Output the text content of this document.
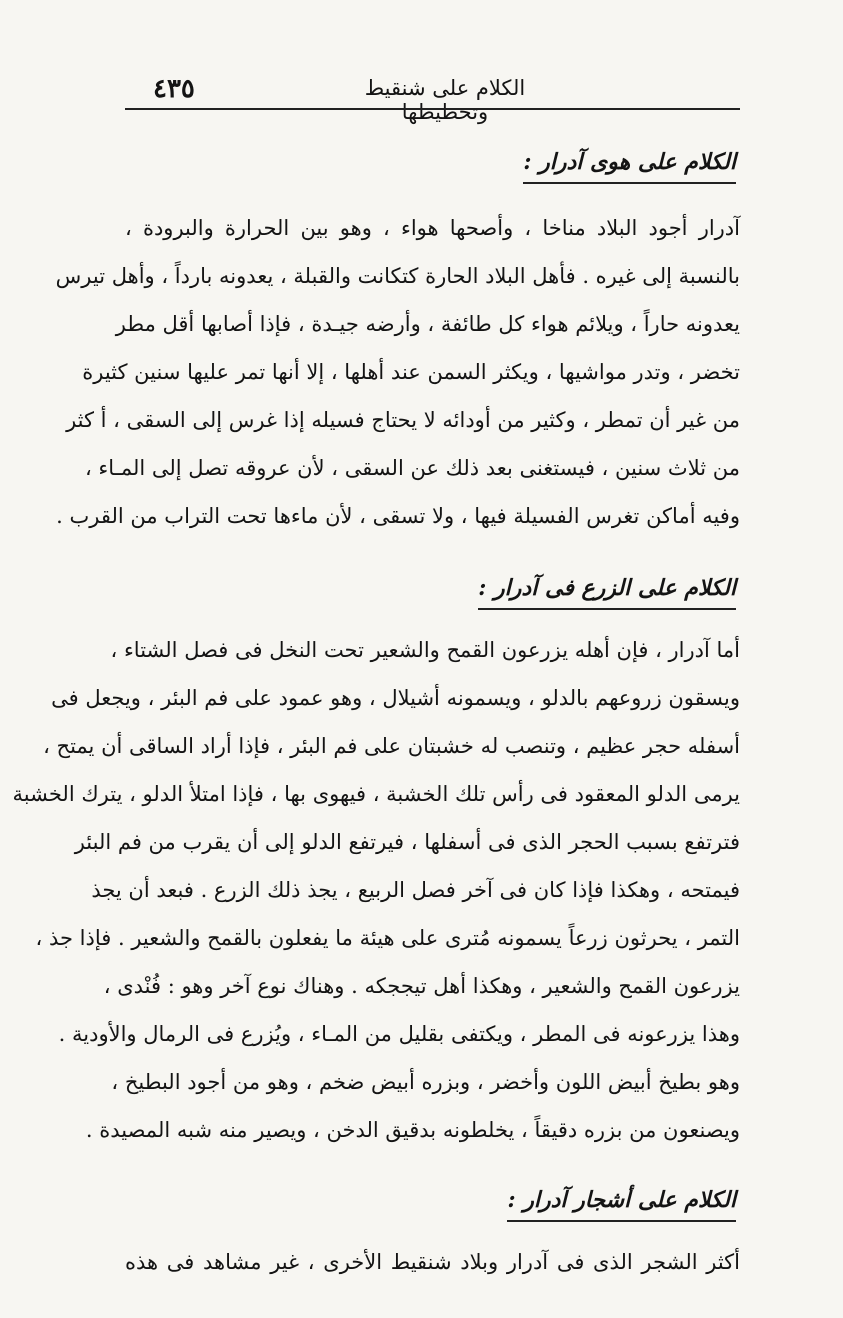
٤٣٥	الكلام على شنقيط وتخطيطها
الكلام على هوى آدرار :
آدرار أجود البلاد مناخا ، وأصحها هواء ، وهو بين الحرارة والبرودة ،
بالنسبة إلى غيره . فأهل البلاد الحارة كتكانت والقبلة ، يعدونه بارداً ، وأهل تيرس
يعدونه حاراً ، ويلائم هواء كل طائفة ، وأرضه جيـدة ، فإذا أصابها أقل مطر
تخضر ، وتدر مواشيها ، ويكثر السمن عند أهلها ، إلا أنها تمر عليها سنين كثيرة
من غير أن تمطر ، وكثير من أودائه لا يحتاج فسيله إذا غرس إلى السقى ، أ كثر
من ثلاث سنين ، فيستغنى بعد ذلك عن السقى ، لأن عروقه تصل إلى المـاء ،
وفيه أماكن تغرس الفسيلة فيها ، ولا تسقى ، لأن ماءها تحت التراب من القرب .
الكلام على الزرع فى آدرار :
أما آدرار ، فإن أهله يزرعون القمح والشعير تحت النخل فى فصل الشتاء ،
ويسقون زروعهم بالدلو ، ويسمونه أشيلال ، وهو عمود على فم البئر ، ويجعل فى
أسفله حجر عظيم ، وتنصب له خشبتان على فم البئر ، فإذا أراد الساقى أن يمتح ،
يرمى الدلو المعقود فى رأس تلك الخشبة ، فيهوى بها ، فإذا امتلأ الدلو ، يترك الخشبة
فترتفع بسبب الحجر الذى فى أسفلها ، فيرتفع الدلو إلى أن يقرب من فم البئر
فيمتحه ، وهكذا فإذا كان فى آخر فصل الربيع ، يجذ ذلك الزرع . فبعد أن يجذ
التمر ، يحرثون زرعاً يسمونه مُترى على هيئة ما يفعلون بالقمح والشعير . فإذا جذ ،
يزرعون القمح والشعير ، وهكذا أهل تيججكه . وهناك نوع آخر وهو : فُنْدى ،
وهذا يزرعونه فى المطر ، ويكتفى بقليل من المـاء ، ويُزرع فى الرمال والأودية .
وهو بطيخ أبيض اللون وأخضر ، وبزره أبيض ضخم ، وهو من أجود البطيخ ،
ويصنعون من بزره دقيقاً ، يخلطونه بدقيق الدخن ، ويصير منه شبه المصيدة .
الكلام على أشجار آدرار :
أكثر الشجر الذى فى آدرار وبلاد شنقيط الأخرى ، غير مشاهد فى هذه
